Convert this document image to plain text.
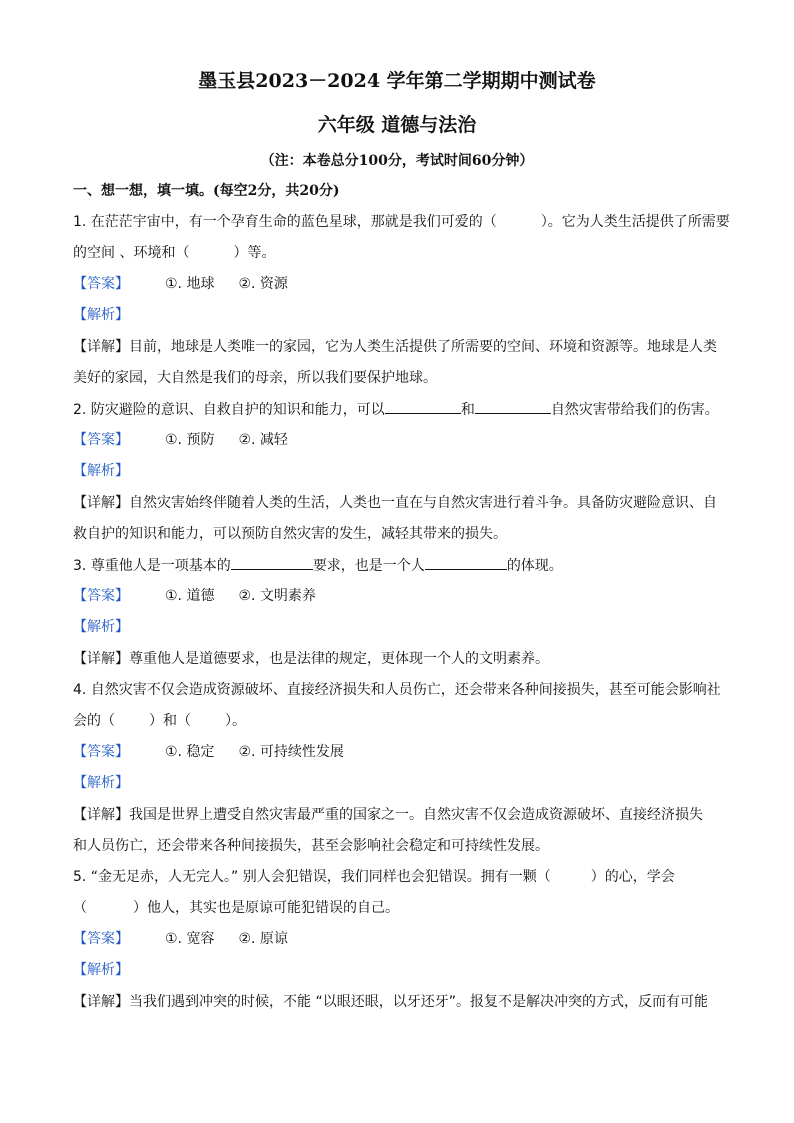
墨玉县2023－2024 学年第二学期期中测试卷
六年级 道德与法治
（注：本卷总分100分，考试时间60分钟）
一、想一想，填一填。(每空2分，共20分)
1. 在茫茫宇宙中，有一个孕育生命的蓝色星球，那就是我们可爱的（	）。它为人类生活提供了所需要
的空间 、环境和（	）等。
【答案】	①. 地球 ②. 资源
【解析】
【详解】目前，地球是人类唯一的家园，它为人类生活提供了所需要的空间、环境和资源等。地球是人类
美好的家园，大自然是我们的母亲，所以我们要保护地球。
2. 防灾避险的意识、自救自护的知识和能力，可以	和	自然灾害带给我们的伤害。
【答案】	①. 预防 ②. 减轻
【解析】
【详解】自然灾害始终伴随着人类的生活，人类也一直在与自然灾害进行着斗争。具备防灾避险意识、自
救自护的知识和能力，可以预防自然灾害的发生，减轻其带来的损失。
3. 尊重他人是一项基本的	要求，也是一个人	的体现。
【答案】	①. 道德 ②. 文明素养
【解析】
【详解】尊重他人是道德要求，也是法律的规定，更体现一个人的文明素养。
4. 自然灾害不仅会造成资源破坏、直接经济损失和人员伤亡，还会带来各种间接损失，甚至可能会影响社
会的（ ）和（ ）。
【答案】	①. 稳定 ②. 可持续性发展
【解析】
【详解】我国是世界上遭受自然灾害最严重的国家之一。自然灾害不仅会造成资源破坏、直接经济损失
和人员伤亡，还会带来各种间接损失，甚至会影响社会稳定和可持续性发展。
5. “金无足赤，人无完人。” 别人会犯错误，我们同样也会犯错误。拥有一颗（	）的心，学会
（	）他人，其实也是原谅可能犯错误的自己。
【答案】	①. 宽容 ②. 原谅
【解析】
【详解】当我们遇到冲突的时候，不能 “以眼还眼，以牙还牙”。报复不是解决冲突的方式，反而有可能
